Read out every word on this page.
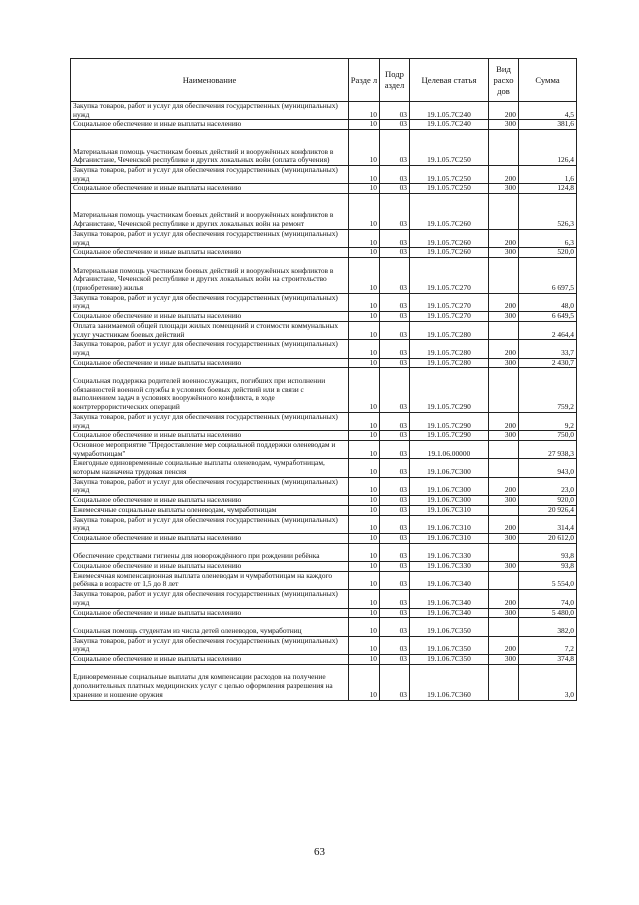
Наименование	Разде л	Подр аздел	Целевая статья	Вид расхо дов	Сумма
Закупка товаров, работ и услуг для обеспечения государственных (муниципальных) нужд	10	03	19.1.05.7С240	200	4,5
Социальное обеспечение и иные выплаты населению	10	03	19.1.05.7С240	300	381,6
Материальная помощь участникам боевых действий и вооружённых конфликтов в Афганистане, Чеченской республике и других локальных войн (оплата обучения)	10	03	19.1.05.7С250		126,4
Закупка товаров, работ и услуг для обеспечения государственных (муниципальных) нужд	10	03	19.1.05.7С250	200	1,6
Социальное обеспечение и иные выплаты населению	10	03	19.1.05.7С250	300	124,8
Материальная помощь участникам боевых действий и вооружённых конфликтов в Афганистане, Чеченской республике и других локальных войн на ремонт	10	03	19.1.05.7С260		526,3
Закупка товаров, работ и услуг для обеспечения государственных (муниципальных) нужд	10	03	19.1.05.7С260	200	6,3
Социальное обеспечение и иные выплаты населению	10	03	19.1.05.7С260	300	520,0
Материальная помощь участникам боевых действий и вооружённых конфликтов в Афганистане, Чеченской республике и других локальных войн на строительство (приобретение) жилья	10	03	19.1.05.7С270		6 697,5
Закупка товаров, работ и услуг для обеспечения государственных (муниципальных) нужд	10	03	19.1.05.7С270	200	48,0
Социальное обеспечение и иные выплаты населению	10	03	19.1.05.7С270	300	6 649,5
Оплата занимаемой общей площади жилых помещений и стоимости коммунальных услуг участникам боевых действий	10	03	19.1.05.7С280		2 464,4
Закупка товаров, работ и услуг для обеспечения государственных (муниципальных) нужд	10	03	19.1.05.7С280	200	33,7
Социальное обеспечение и иные выплаты населению	10	03	19.1.05.7С280	300	2 430,7
Социальная поддержка родителей военнослужащих, погибших при исполнении обязанностей военной службы в условиях боевых действий или в связи с выполнением задач в условиях вооружённого конфликта, в ходе контртеррористических операций	10	03	19.1.05.7С290		759,2
Закупка товаров, работ и услуг для обеспечения государственных (муниципальных) нужд	10	03	19.1.05.7С290	200	9,2
Социальное обеспечение и иные выплаты населению	10	03	19.1.05.7С290	300	750,0
Основное мероприятие "Предоставление мер социальной поддержки оленеводам и чумработницам"	10	03	19.1.06.00000		27 938,3
Ежегодные единовременные социальные выплаты оленеводам, чумработницам, которым назначена трудовая пенсия	10	03	19.1.06.7С300		943,0
Закупка товаров, работ и услуг для обеспечения государственных (муниципальных) нужд	10	03	19.1.06.7С300	200	23,0
Социальное обеспечение и иные выплаты населению	10	03	19.1.06.7С300	300	920,0
Ежемесячные социальные выплаты оленеводам, чумработницам	10	03	19.1.06.7С310		20 926,4
Закупка товаров, работ и услуг для обеспечения государственных (муниципальных) нужд	10	03	19.1.06.7С310	200	314,4
Социальное обеспечение и иные выплаты населению	10	03	19.1.06.7С310	300	20 612,0
Обеспечение средствами гигиены для новорождённого при рождении ребёнка	10	03	19.1.06.7С330		93,8
Социальное обеспечение и иные выплаты населению	10	03	19.1.06.7С330	300	93,8
Ежемесячная компенсационная выплата оленеводам и чумработницам на каждого ребёнка в возрасте от 1,5 до 8 лет	10	03	19.1.06.7С340		5 554,0
Закупка товаров, работ и услуг для обеспечения государственных (муниципальных) нужд	10	03	19.1.06.7С340	200	74,0
Социальное обеспечение и иные выплаты населению	10	03	19.1.06.7С340	300	5 480,0
Социальная помощь студентам из числа детей оленеводов, чумработниц	10	03	19.1.06.7С350		382,0
Закупка товаров, работ и услуг для обеспечения государственных (муниципальных) нужд	10	03	19.1.06.7С350	200	7,2
Социальное обеспечение и иные выплаты населению	10	03	19.1.06.7С350	300	374,8
Единовременные социальные выплаты для компенсации расходов на получение дополнительных платных медицинских услуг с целью оформления разрешения на хранение и ношение оружия	10	03	19.1.06.7С360		3,0
63
